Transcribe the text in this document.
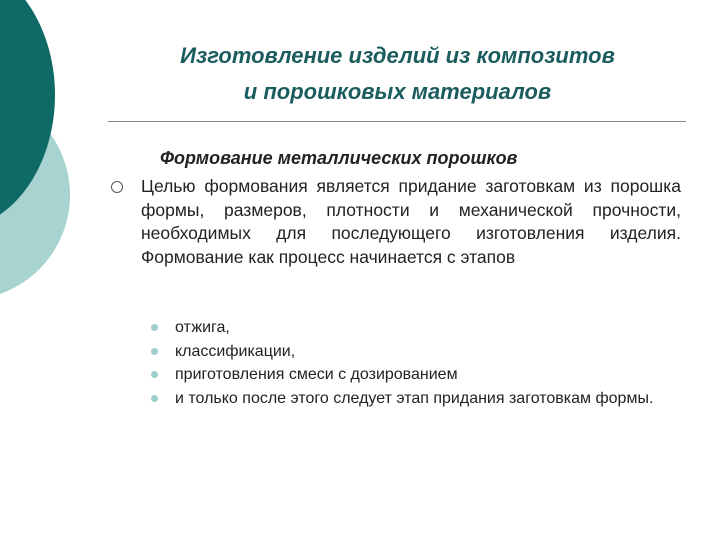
Изготовление изделий из композитов
и порошковых материалов

Формование металлических порошков

Целью формования является придание заготовкам из порошка формы, размеров, плотности и механической прочности, необходимых для последующего изготовления изделия. Формование как процесс начинается с этапов

отжига,
классификации,
приготовления смеси с дозированием
и только после этого следует этап придания заготовкам формы.
